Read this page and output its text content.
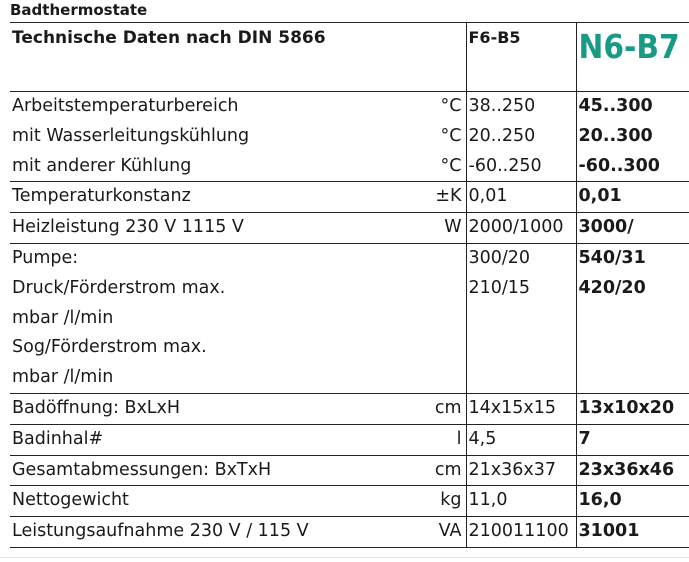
Badthermostate
Technische Daten nach DIN 5866		F6-B5	N6-B7
Arbeitstemperaturbereich	°C	38..250	45..300
mit Wasserleitungskühlung	°C	20..250	20..300
mit anderer Kühlung	°C	-60..250	-60..300
Temperaturkonstanz	±K	0,01	0,01
Heizleistung 230 V 1115 V	W	2000/1000	3000/
Pumpe:		300/20	540/31
Druck/Förderstrom max.		210/15	420/20
mbar /l/min			
Sog/Förderstrom max.			
mbar /l/min			
Badöffnung: BxLxH	cm	14x15x15	13x10x20
Badinhal#	l	4,5	7
Gesamtabmessungen: BxTxH	cm	21x36x37	23x36x46
Nettogewicht	kg	11,0	16,0
Leistungsaufnahme 230 V / 115 V	VA	210011100	31001
